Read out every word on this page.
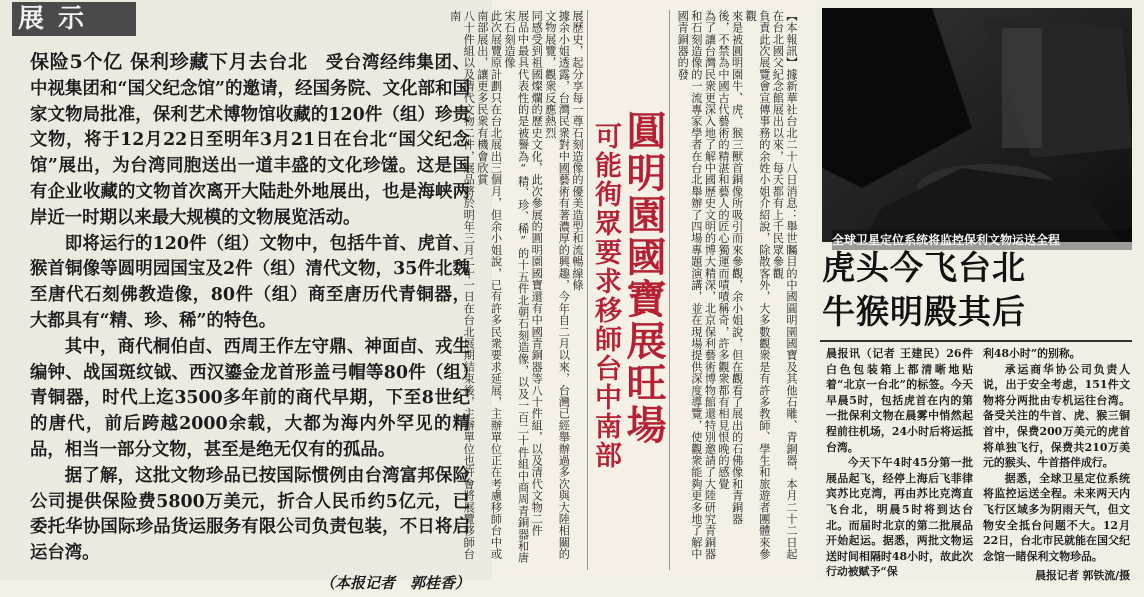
展示

保险5个亿 保利珍藏下月去台北　 受台湾经纬集团、中视集团和“国父纪念馆”的邀请，经国务院、文化部和国家文物局批准，保利艺术博物馆收藏的120件（组）珍贵文物，将于12月22日至明年3月21日在台北“国父纪念馆”展出，为台湾同胞送出一道丰盛的文化珍馐。这是国有企业收藏的文物首次离开大陆赴外地展出，也是海峡两岸近一时期以来最大规模的文物展览活动。

即将运行的120件（组）文物中，包括牛首、虎首、猴首铜像等圆明园国宝及2件（组）清代文物，35件北魏至唐代石刻佛教造像，80件（组）商至唐历代青铜器，大都具有“精、珍、稀”的特色。

其中，商代桐伯卣、西周王作左守鼎、神面卣、戎生编钟、战国斑纹钺、西汉鎏金龙首形盖弓帽等80件（组）青铜器，时代上迄3500多年前的商代早期，下至8世纪的唐代，前后跨越2000余载，大都为海内外罕见的精品，相当一部分文物，甚至是绝无仅有的孤品。

据了解，这批文物珍品已按国际惯例由台湾富邦保险公司提供保险费5800万美元，折合人民币约5亿元，已委托华协国际珍品货运服务有限公司负责包装，不日将启运台湾。

（本报记者　郭桂香）

【本報訊】據新華社台北二十八日消息：舉世矚目的中國圓明園國寶及其他石雕、青銅器，本月二十二日起在台北國父紀念館展出以來，每天都有上千民眾參觀

負責此次展覽會宣傳事務的余姓小姐介紹說，除散客外，大多數觀衆是有許多教師、學生和旅遊者團體來參觀

來是被圓明園牛、虎、猴三獸首銅像所吸引而來參觀，余小姐說，但在觀看了展出的石佛像和青銅器

後，不禁為中國古代藝術的精湛和藝人的匠心獨運而嘖嘖稱奇，許多觀衆都有相見恨晚的感覺

為了讓台灣民衆更深入地了解中國歷史文明的博大精深，北京保利藝術博物館還特別邀請了大陸研究青銅器和石刻造像的一流專家學者在台北舉辦了四場專題演講，並在現場提供深度導覽，使觀衆能夠更多地了解中國青銅器的發

圓明園國寶展旺場
可能徇眾要求移師台中南部

展歷史，起分享每一尊石刻造像的優美造型和流暢線條

據余小姐透露，台灣民衆對中國藝術有著濃厚的興趣，今年自二月以來，台灣已經舉辦過多次與大陸相關的文物展覽，觀衆反應熱烈

同感受到祖國燦爛的歷史文化，此次參展的圓明園國寶還有中國青銅器等八十件組，以及清代文物二件

展品中最具代表性的是被譽為“精、珍、稀”的十五件北朝石刻造像，以及一百二十件組中商周青銅器和唐宋石刻造像

此次展覽原計劃只在台北展出三個月，但余小姐說，已有許多民衆要求延展，主辦單位正在考慮移師台中或南部展出，讓更多民衆有機會欣賞

八十件組以及清代文物二件，展品將於明年三月二十一日在台北展期結束後，主辦單位也許會將展覽移師台南

全球卫星定位系统将监控保利文物运送全程
虎头今飞台北
牛猴明殿其后

晨报讯（记者 王建民）26件白色包装箱上都清晰地贴着“北京一台北”的标签。今天早晨5时，包括虎首在内的第一批保利文物在晨雾中悄然起程前往机场，24小时后将运抵台湾。

今天下午4时45分第一批展品起飞，经停上海后飞菲律宾苏比克湾，再由苏比克湾直飞台北，明晨5时将到达台北。而届时北京的第二批展品开始起运。据悉，两批文物运送时间相隔时48小时，故此次行动被赋予“保

利48小时”的别称。

承运商华协公司负责人说，出于安全考虑，151件文物将分两批由专机运往台湾。备受关注的牛首、虎、猴三铜首中，保费200万美元的虎首将单独飞行，保费共210万美元的猴头、牛首搭伴成行。

据悉，全球卫星定位系统将监控运送全程。未来两天内飞行区域多为阴雨天气，但文物安全抵台问题不大。12月22日，台北市民就能在国父纪念馆一睹保利文物珍品。

晨报记者 郭铁流/摄
